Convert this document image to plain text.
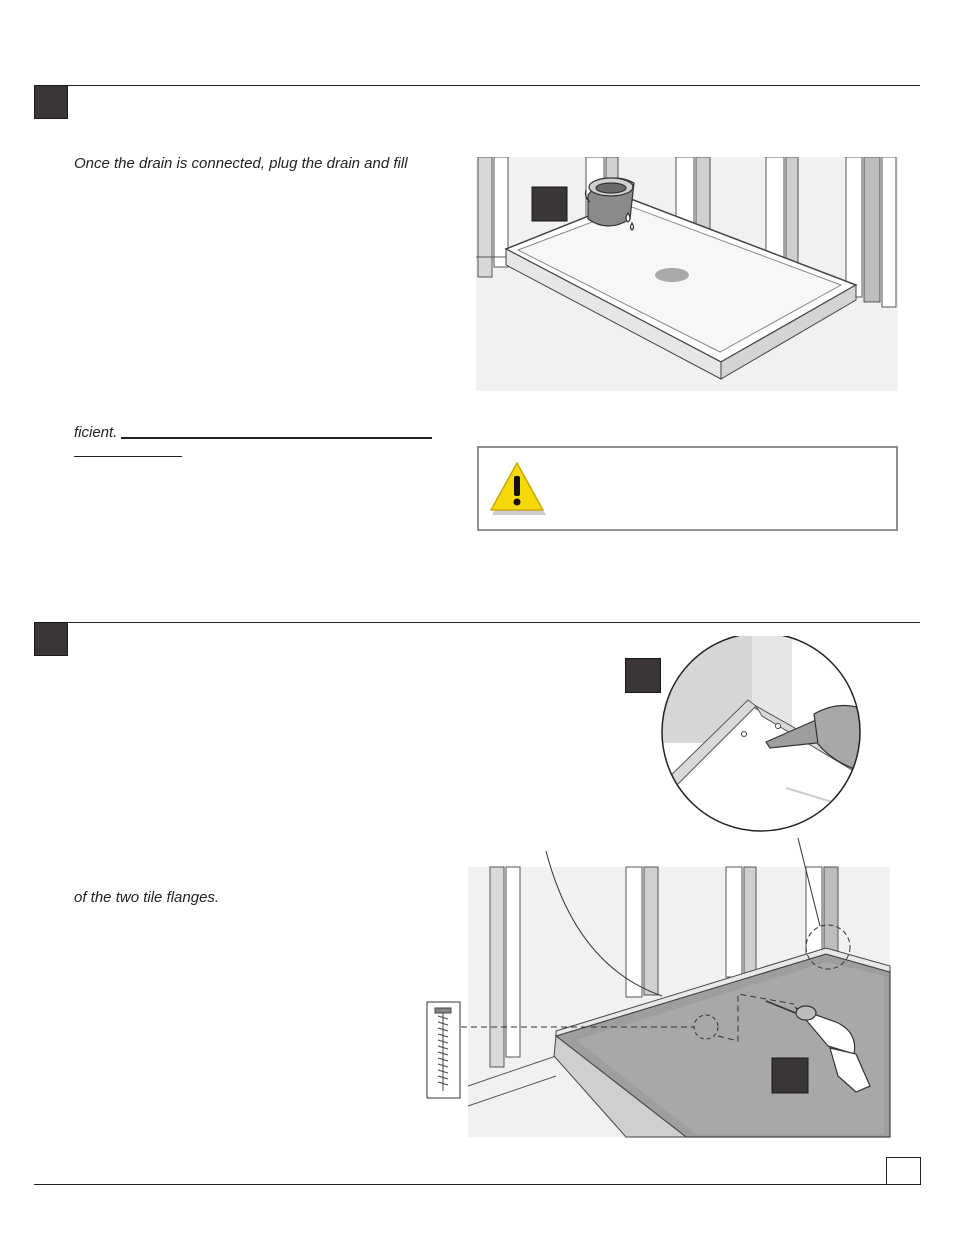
Once the drain is connected, plug the drain and fill
ficient.
of the two tile flanges.
